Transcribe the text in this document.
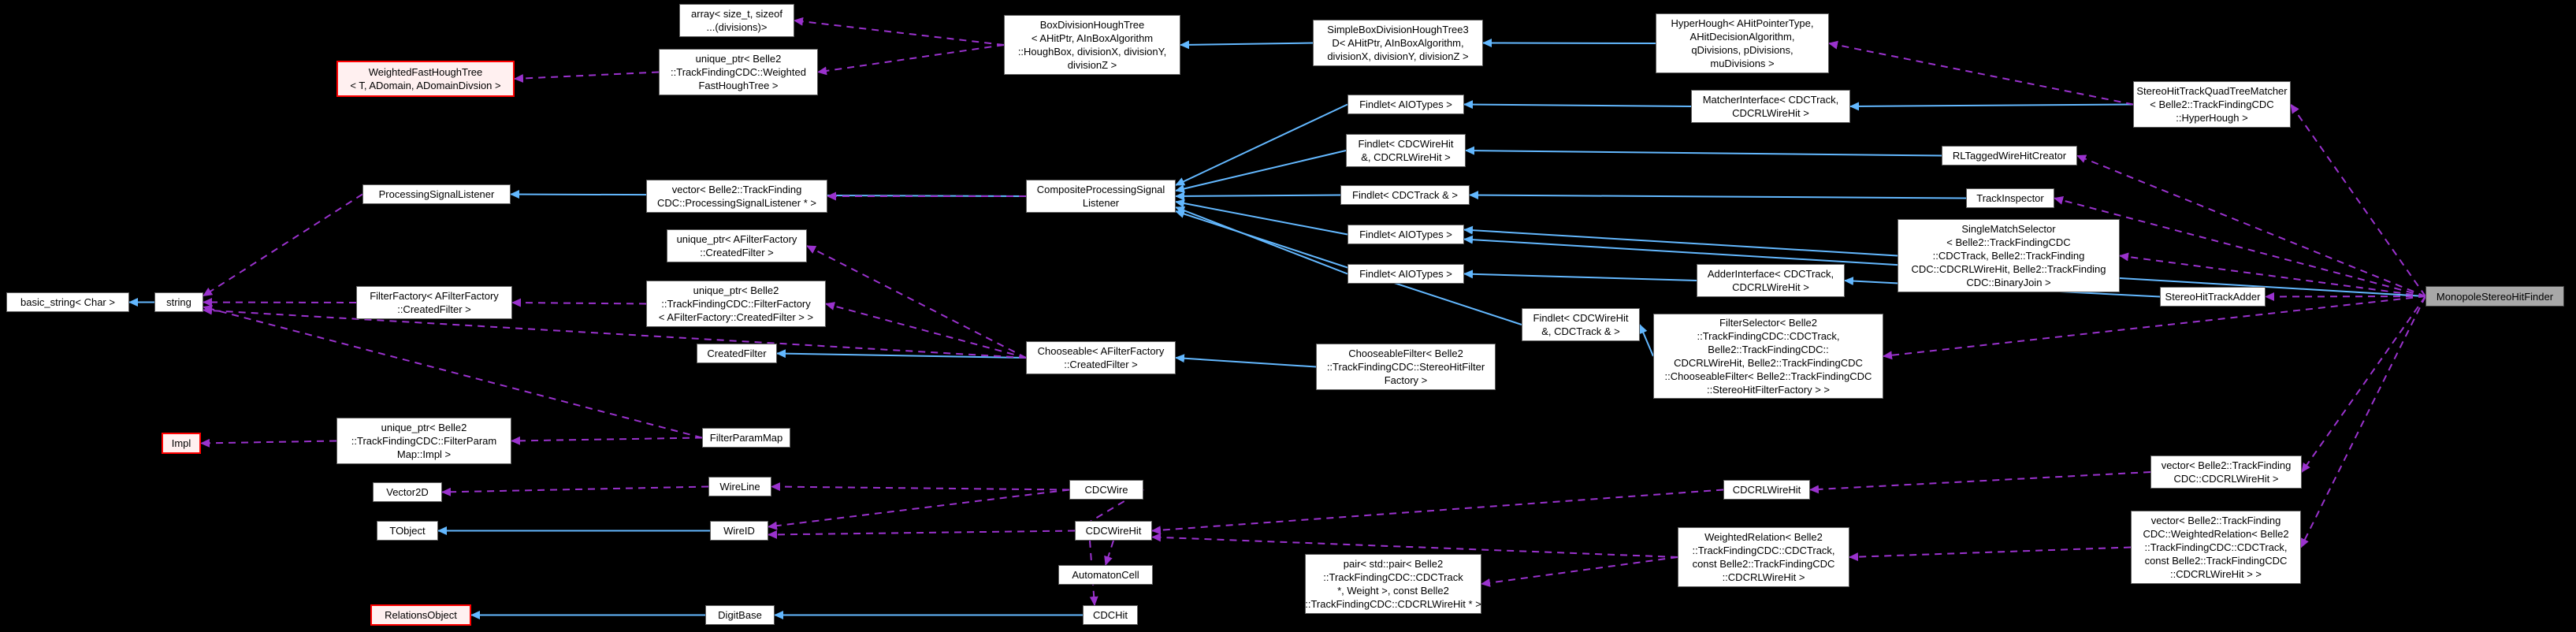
basic_string< Char >	string
WeightedFastHoughTree
< T, ADomain, ADomainDivsion >
ProcessingSignalListener
FilterFactory< AFilterFactory
::CreatedFilter >
Impl
unique_ptr< Belle2
::TrackFindingCDC::FilterParam
Map::Impl >
Vector2D
TObject
RelationsObject
array< size_t, sizeof
...(divisions)>
unique_ptr< Belle2
::TrackFindingCDC::Weighted
FastHoughTree >
vector< Belle2::TrackFinding
CDC::ProcessingSignalListener * >
unique_ptr< AFilterFactory
::CreatedFilter >
unique_ptr< Belle2
::TrackFindingCDC::FilterFactory
< AFilterFactory::CreatedFilter > >
CreatedFilter
FilterParamMap
WireLine
WireID
DigitBase
BoxDivisionHoughTree
< AHitPtr, AInBoxAlgorithm
::HoughBox, divisionX, divisionY,
divisionZ >
CompositeProcessingSignal
Listener
Chooseable< AFilterFactory
::CreatedFilter >
CDCWire
CDCWireHit
AutomatonCell
CDCHit
SimpleBoxDivisionHoughTree3
D< AHitPtr, AInBoxAlgorithm,
divisionX, divisionY, divisionZ >
Findlet< AIOTypes >
Findlet< CDCWireHit
&, CDCRLWireHit >
Findlet< CDCTrack & >
Findlet< AIOTypes >
Findlet< AIOTypes >
ChooseableFilter< Belle2
::TrackFindingCDC::StereoHitFilter
Factory >
pair< std::pair< Belle2
::TrackFindingCDC::CDCTrack
*, Weight >, const Belle2
::TrackFindingCDC::CDCRLWireHit * >
Findlet< CDCWireHit
&, CDCTrack & >
HyperHough< AHitPointerType,
AHitDecisionAlgorithm,
qDivisions, pDivisions,
muDivisions >
MatcherInterface< CDCTrack,
CDCRLWireHit >
RLTaggedWireHitCreator
TrackInspector
SingleMatchSelector
< Belle2::TrackFindingCDC
::CDCTrack, Belle2::TrackFinding
CDC::CDCRLWireHit, Belle2::TrackFinding
CDC::BinaryJoin >
AdderInterface< CDCTrack,
CDCRLWireHit >
FilterSelector< Belle2
::TrackFindingCDC::CDCTrack,
Belle2::TrackFindingCDC::
CDCRLWireHit, Belle2::TrackFindingCDC
::ChooseableFilter< Belle2::TrackFindingCDC
::StereoHitFilterFactory > >
WeightedRelation< Belle2
::TrackFindingCDC::CDCTrack,
const Belle2::TrackFindingCDC
::CDCRLWireHit >
CDCRLWireHit
StereoHitTrackQuadTreeMatcher
< Belle2::TrackFindingCDC
::HyperHough >
StereoHitTrackAdder
vector< Belle2::TrackFinding
CDC::CDCRLWireHit >
vector< Belle2::TrackFinding
CDC::WeightedRelation< Belle2
::TrackFindingCDC::CDCTrack,
const Belle2::TrackFindingCDC
::CDCRLWireHit > >
MonopoleStereoHitFinder
